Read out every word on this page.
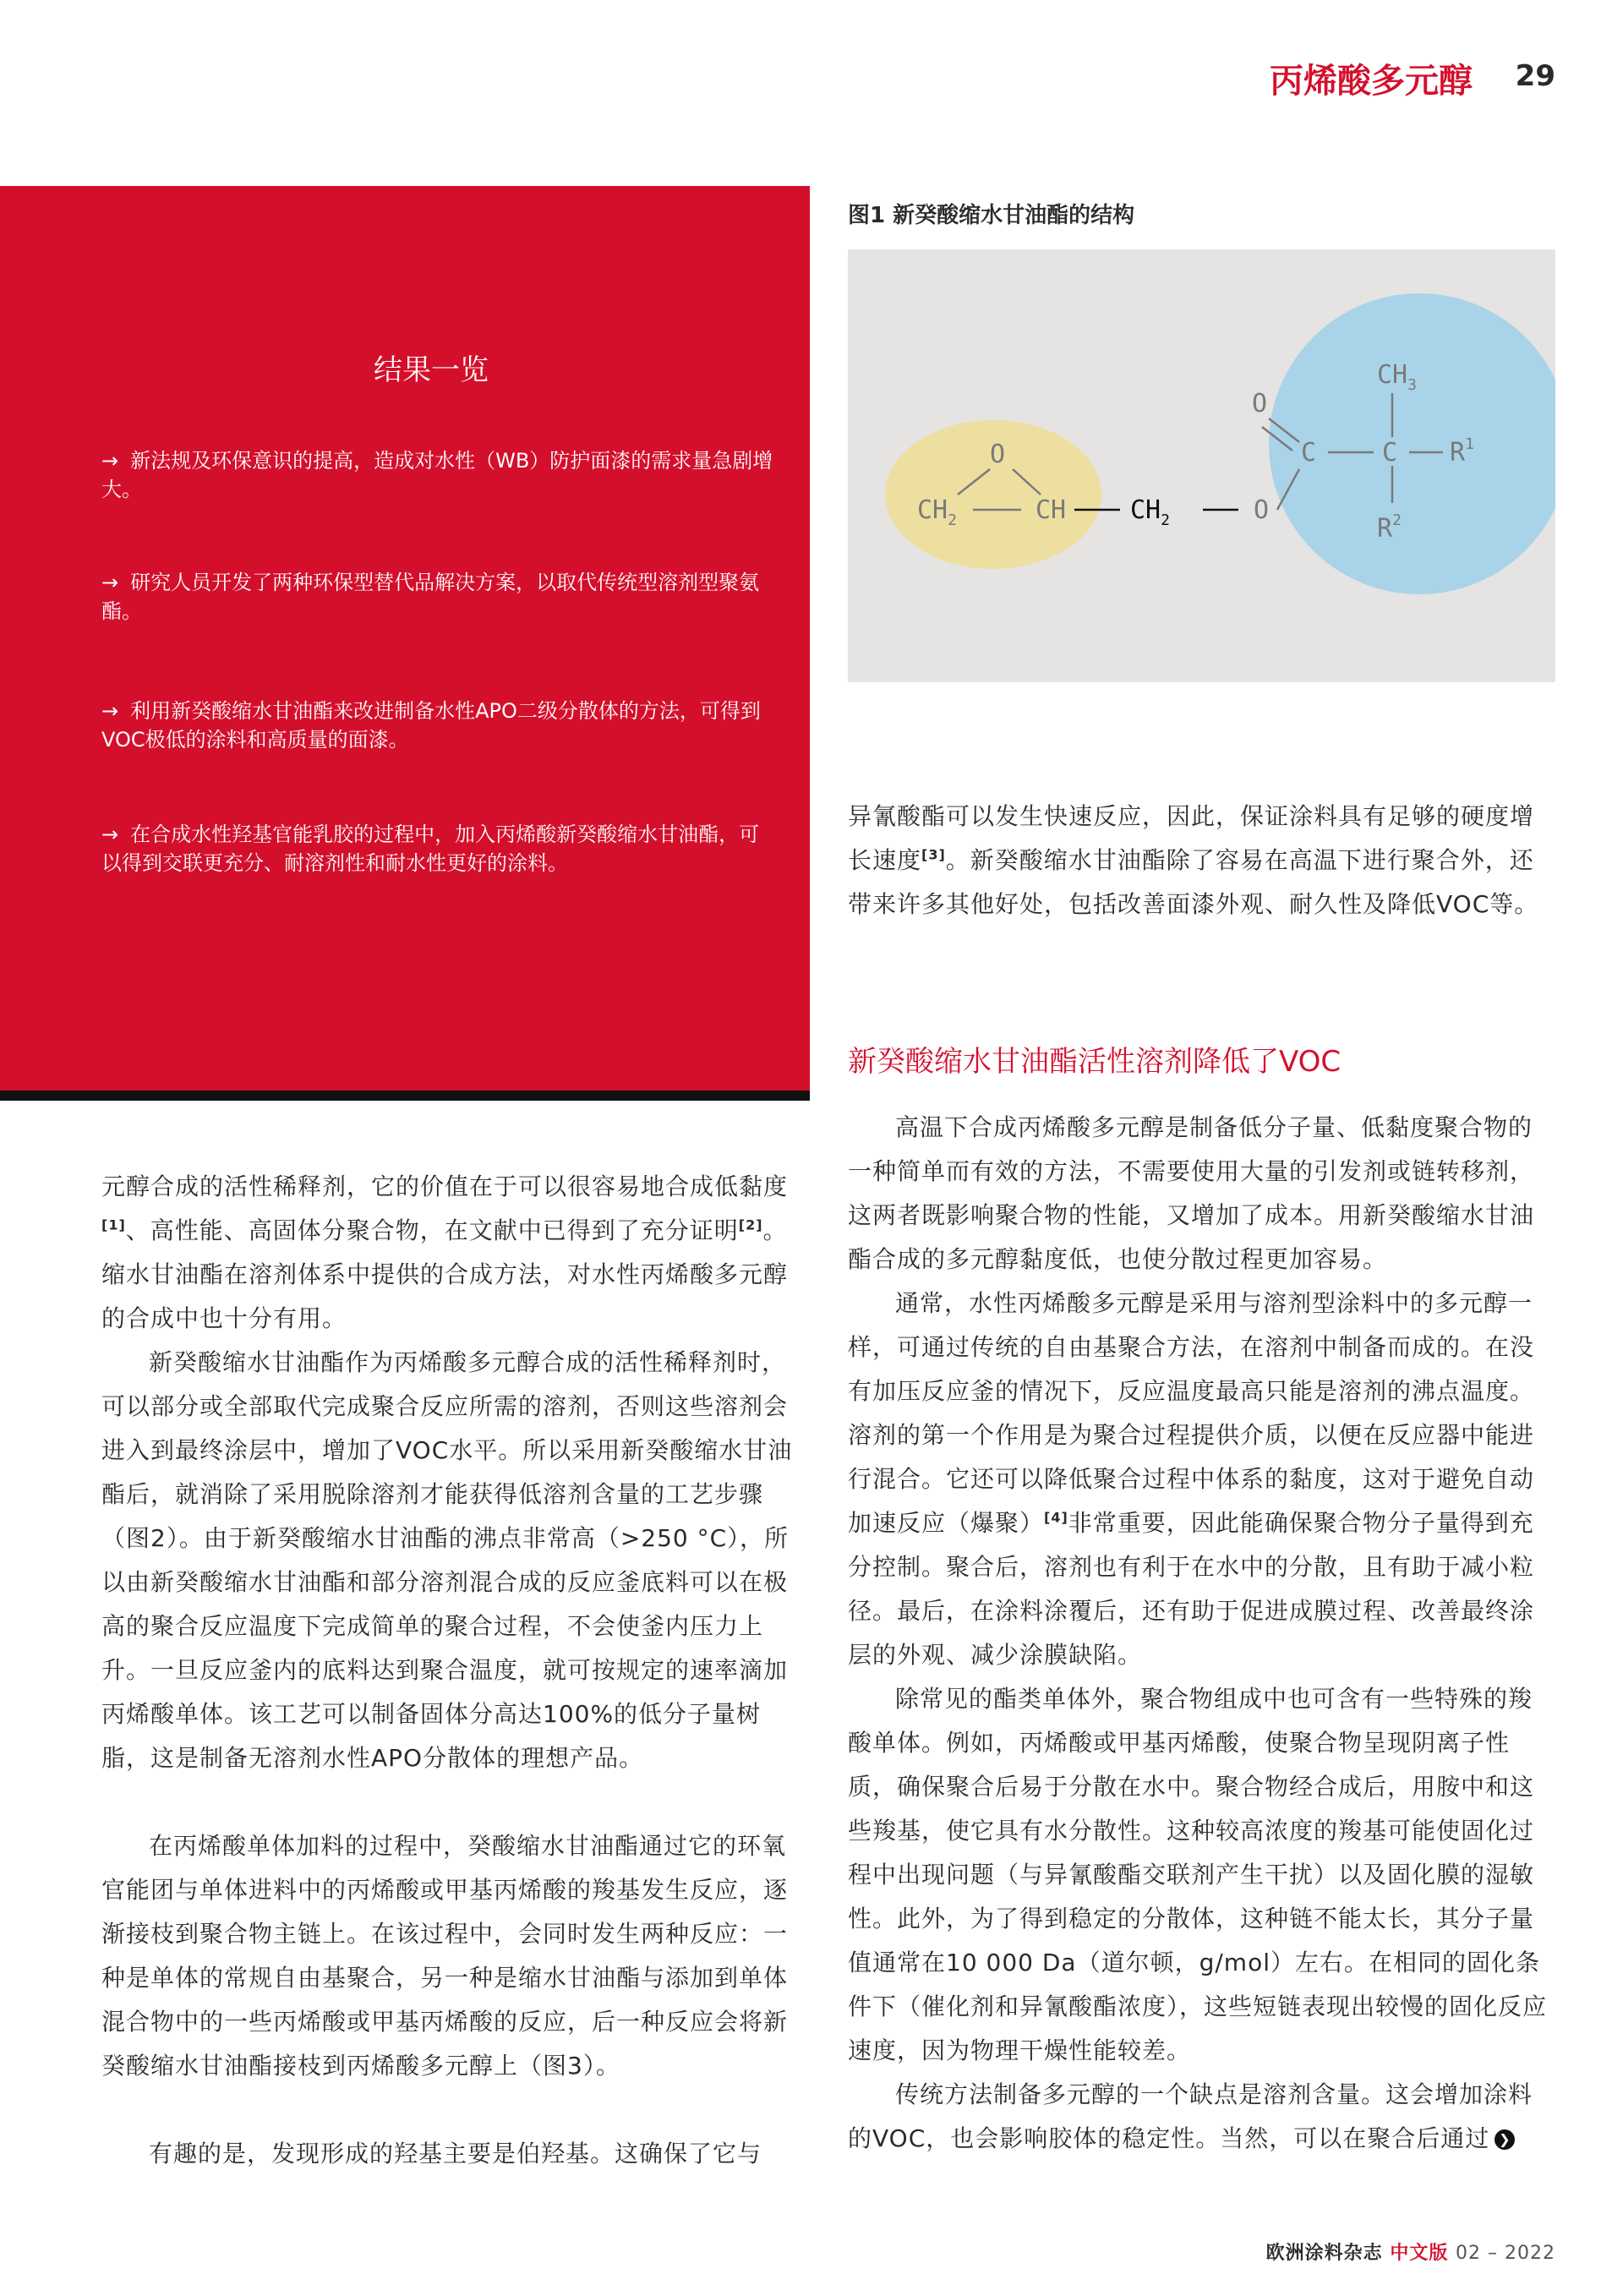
丙烯酸多元醇 29
结果一览
→ 新法规及环保意识的提高，造成对水性（WB）防护面漆的需求量急剧增大。
→ 研究人员开发了两种环保型替代品解决方案，以取代传统型溶剂型聚氨酯。
→ 利用新癸酸缩水甘油酯来改进制备水性APO二级分散体的方法，可得到VOC极低的涂料和高质量的面漆。
→ 在合成水性羟基官能乳胶的过程中，加入丙烯酸新癸酸缩水甘油酯，可以得到交联更充分、耐溶剂性和耐水性更好的涂料。
图1 新癸酸缩水甘油酯的结构
O
$CH_2$	CH	O
O
C	C
$CH_3$
$R^1$
$R^2$
$CH_2$
元醇合成的活性稀释剂，它的价值在于可以很容易地合成低黏度[1]、高性能、高固体分聚合物，在文献中已得到了充分证明[2]。缩水甘油酯在溶剂体系中提供的合成方法，对水性丙烯酸多元醇的合成中也十分有用。
新癸酸缩水甘油酯作为丙烯酸多元醇合成的活性稀释剂时，可以部分或全部取代完成聚合反应所需的溶剂，否则这些溶剂会进入到最终涂层中，增加了VOC水平。所以采用新癸酸缩水甘油酯后，就消除了采用脱除溶剂才能获得低溶剂含量的工艺步骤（图2）。由于新癸酸缩水甘油酯的沸点非常高（>250 °C），所以由新癸酸缩水甘油酯和部分溶剂混合成的反应釜底料可以在极高的聚合反应温度下完成简单的聚合过程，不会使釜内压力上升。一旦反应釜内的底料达到聚合温度，就可按规定的速率滴加丙烯酸单体。该工艺可以制备固体分高达100%的低分子量树脂，这是制备无溶剂水性APO分散体的理想产品。
在丙烯酸单体加料的过程中，癸酸缩水甘油酯通过它的环氧官能团与单体进料中的丙烯酸或甲基丙烯酸的羧基发生反应，逐渐接枝到聚合物主链上。在该过程中，会同时发生两种反应：一种是单体的常规自由基聚合，另一种是缩水甘油酯与添加到单体混合物中的一些丙烯酸或甲基丙烯酸的反应，后一种反应会将新癸酸缩水甘油酯接枝到丙烯酸多元醇上（图3）。
有趣的是，发现形成的羟基主要是伯羟基。这确保了它与
异氰酸酯可以发生快速反应，因此，保证涂料具有足够的硬度增长速度[3]。新癸酸缩水甘油酯除了容易在高温下进行聚合外，还带来许多其他好处，包括改善面漆外观、耐久性及降低VOC等。
新癸酸缩水甘油酯活性溶剂降低了VOC
高温下合成丙烯酸多元醇是制备低分子量、低黏度聚合物的一种简单而有效的方法，不需要使用大量的引发剂或链转移剂，这两者既影响聚合物的性能，又增加了成本。用新癸酸缩水甘油酯合成的多元醇黏度低，也使分散过程更加容易。
通常，水性丙烯酸多元醇是采用与溶剂型涂料中的多元醇一样，可通过传统的自由基聚合方法，在溶剂中制备而成的。在没有加压反应釜的情况下，反应温度最高只能是溶剂的沸点温度。溶剂的第一个作用是为聚合过程提供介质，以便在反应器中能进行混合。它还可以降低聚合过程中体系的黏度，这对于避免自动加速反应（爆聚）[4]非常重要，因此能确保聚合物分子量得到充分控制。聚合后，溶剂也有利于在水中的分散，且有助于减小粒径。最后，在涂料涂覆后，还有助于促进成膜过程、改善最终涂层的外观、减少涂膜缺陷。
除常见的酯类单体外，聚合物组成中也可含有一些特殊的羧酸单体。例如，丙烯酸或甲基丙烯酸，使聚合物呈现阴离子性质，确保聚合后易于分散在水中。聚合物经合成后，用胺中和这些羧基，使它具有水分散性。这种较高浓度的羧基可能使固化过程中出现问题（与异氰酸酯交联剂产生干扰）以及固化膜的湿敏性。此外，为了得到稳定的分散体，这种链不能太长，其分子量值通常在10 000 Da（道尔顿，g/mol）左右。在相同的固化条件下（催化剂和异氰酸酯浓度），这些短链表现出较慢的固化反应速度，因为物理干燥性能较差。
传统方法制备多元醇的一个缺点是溶剂含量。这会增加涂料的VOC，也会影响胶体的稳定性。当然，可以在聚合后通过 ❯
欧洲涂料杂志 中文版 02 – 2022
